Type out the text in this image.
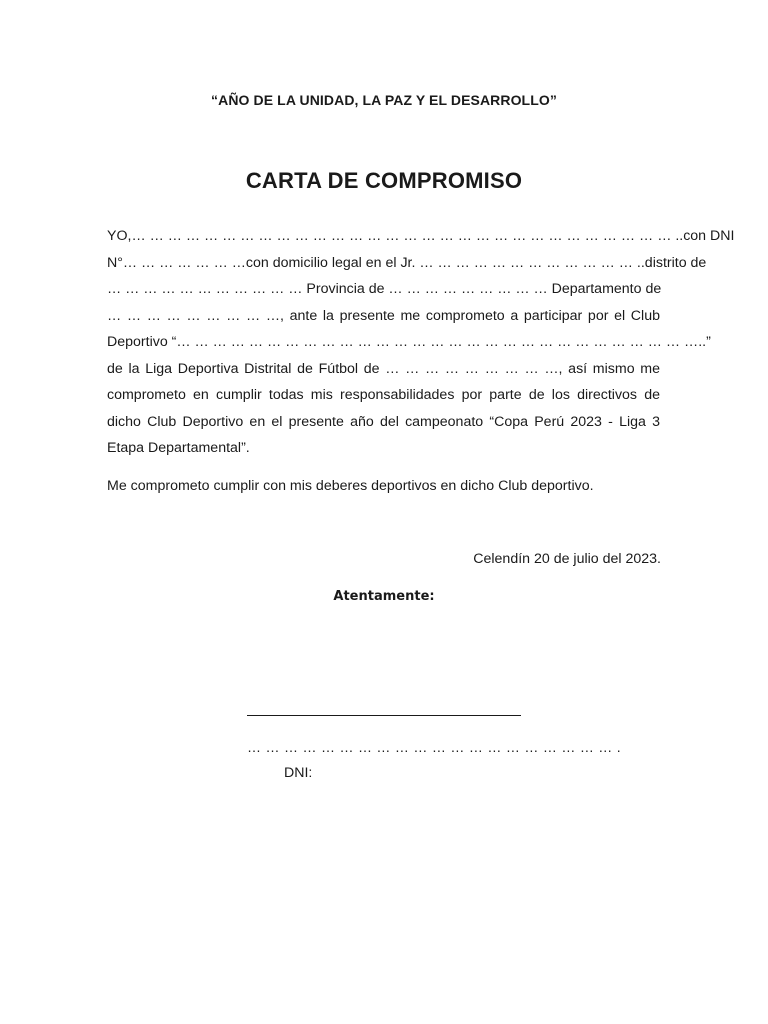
“AÑO DE LA UNIDAD, LA PAZ Y EL DESARROLLO”
CARTA DE COMPROMISO
YO,… … … … … … … … … … … … … … … … … … … … … … … … … … … … … … ..con DNI
N°… … … … … … …con domicilio legal en el Jr. … … … … … … … … … … … … ..distrito de
… … … … … … … … … … … Provincia de … … … … … … … … … Departamento de
… … … … … … … … …, ante la presente me comprometo a participar por el Club
Deportivo “… … … … … … … … … … … … … … … … … … … … … … … … … … … … …..”
de la Liga Deportiva Distrital de Fútbol de … … … … … … … … …, así mismo me
comprometo en cumplir todas mis responsabilidades por parte de los directivos de
dicho Club Deportivo en el presente año del campeonato “Copa Perú 2023 - Liga 3
Etapa Departamental”.
Me comprometo cumplir con mis deberes deportivos en dicho Club deportivo.
Celendín 20 de julio del 2023.
Atentamente:
… … … … … … … … … … … … … … … … … … … … .
DNI:
